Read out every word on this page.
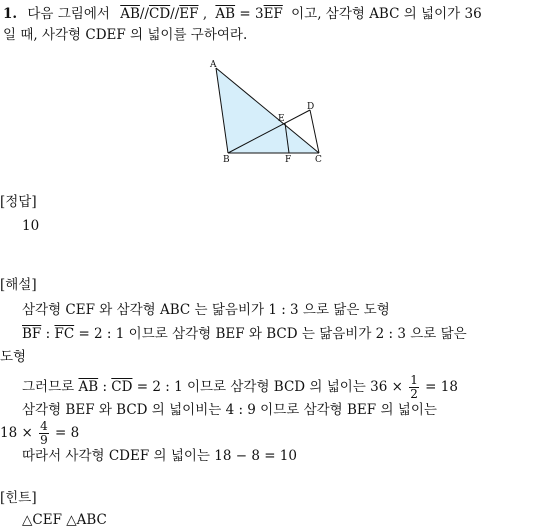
1. 다음 그림에서 $\overline{AB}//\overline{CD}//\overline{EF}$ , $\overline{AB} = 3\overline{EF}$ 이고, 삼각형 ABC 의 넓이가 36
일 때, 사각형 CDEF 의 넓이를 구하여라.
A
B	C
D
E
F
[정답]
10
[해설]
삼각형 CEF 와 삼각형 ABC 는 닮음비가 1 : 3 으로 닮은 도형
$\overline{BF}$ : $\overline{FC} = 2$ : 1 이므로 삼각형 BEF 와 BCD 는 닮음비가 2 : 3 으로 닮은
도형
그러므로 $\overline{AB}$ : $\overline{CD} = 2$ : 1 이므로 삼각형 BCD 의 넓이는 $36 \times \frac{1}{2} = 18$
삼각형 BEF 와 BCD 의 넓이비는 4 : 9 이므로 삼각형 BEF 의 넓이는
$18 \times \frac{4}{9} = 8$
따라서 사각형 CDEF 의 넓이는 18 − 8 = 10
[힌트]
△CEF △ABC
